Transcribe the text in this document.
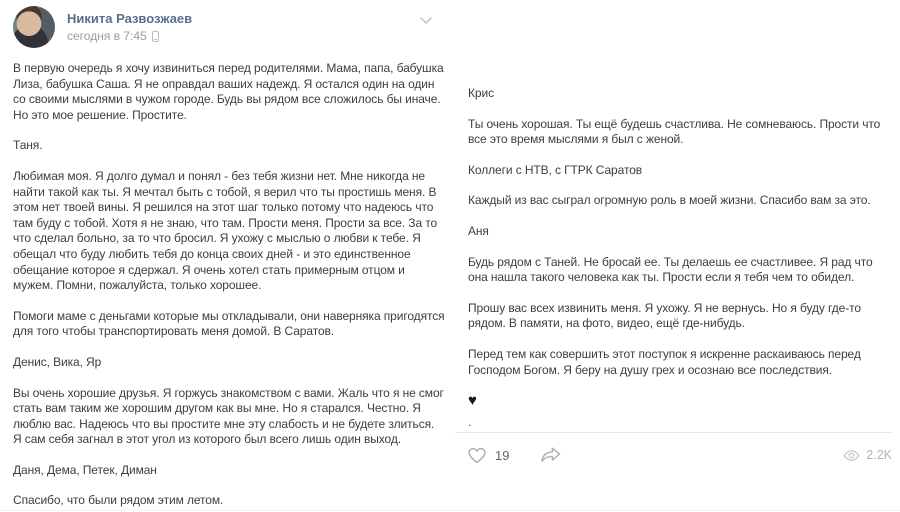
Никита Развозжаев
сегодня в 7:45

В первую очередь я хочу извиниться перед родителями. Мама, папа, бабушка Лиза, бабушка Саша. Я не оправдал ваших надежд. Я остался один на один со своими мыслями в чужом городе. Будь вы рядом все сложилось бы иначе. Но это мое решение. Простите.

Таня.

Любимая моя. Я долго думал и понял - без тебя жизни нет. Мне никогда не найти такой как ты. Я мечтал быть с тобой, я верил что ты простишь меня. В этом нет твоей вины. Я решился на этот шаг только потому что надеюсь что там буду с тобой. Хотя я не знаю, что там. Прости меня. Прости за все. За то что сделал больно, за то что бросил. Я ухожу с мыслью о любви к тебе. Я обещал что буду любить тебя до конца своих дней - и это единственное обещание которое я сдержал. Я очень хотел стать примерным отцом и мужем. Помни, пожалуйста, только хорошее.

Помоги маме с деньгами которые мы откладывали, они наверняка пригодятся для того чтобы транспортировать меня домой. В Саратов.

Денис, Вика, Яр

Вы очень хорошие друзья. Я горжусь знакомством с вами. Жаль что я не смог стать вам таким же хорошим другом как вы мне. Но я старался. Честно. Я люблю вас. Надеюсь что вы простите мне эту слабость и не будете злиться. Я сам себя загнал в этот угол из которого был всего лишь один выход.

Даня, Дема, Петек, Диман

Спасибо, что были рядом этим летом.

Крис

Ты очень хорошая. Ты ещё будешь счастлива. Не сомневаюсь. Прости что все это время мыслями я был с женой.

Коллеги с НТВ, с ГТРК Саратов

Каждый из вас сыграл огромную роль в моей жизни. Спасибо вам за это.

Аня

Будь рядом с Таней. Не бросай ее. Ты делаешь ее счастливее. Я рад что она нашла такого человека как ты. Прости если я тебя чем то обидел.

Прошу вас всех извинить меня. Я ухожу. Я не вернусь. Но я буду где-то рядом. В памяти, на фото, видео, ещё где-нибудь.

Перед тем как совершить этот поступок я искренне раскаиваюсь перед Господом Богом. Я беру на душу грех и осознаю все последствия.

♥

.

19	2.2K
